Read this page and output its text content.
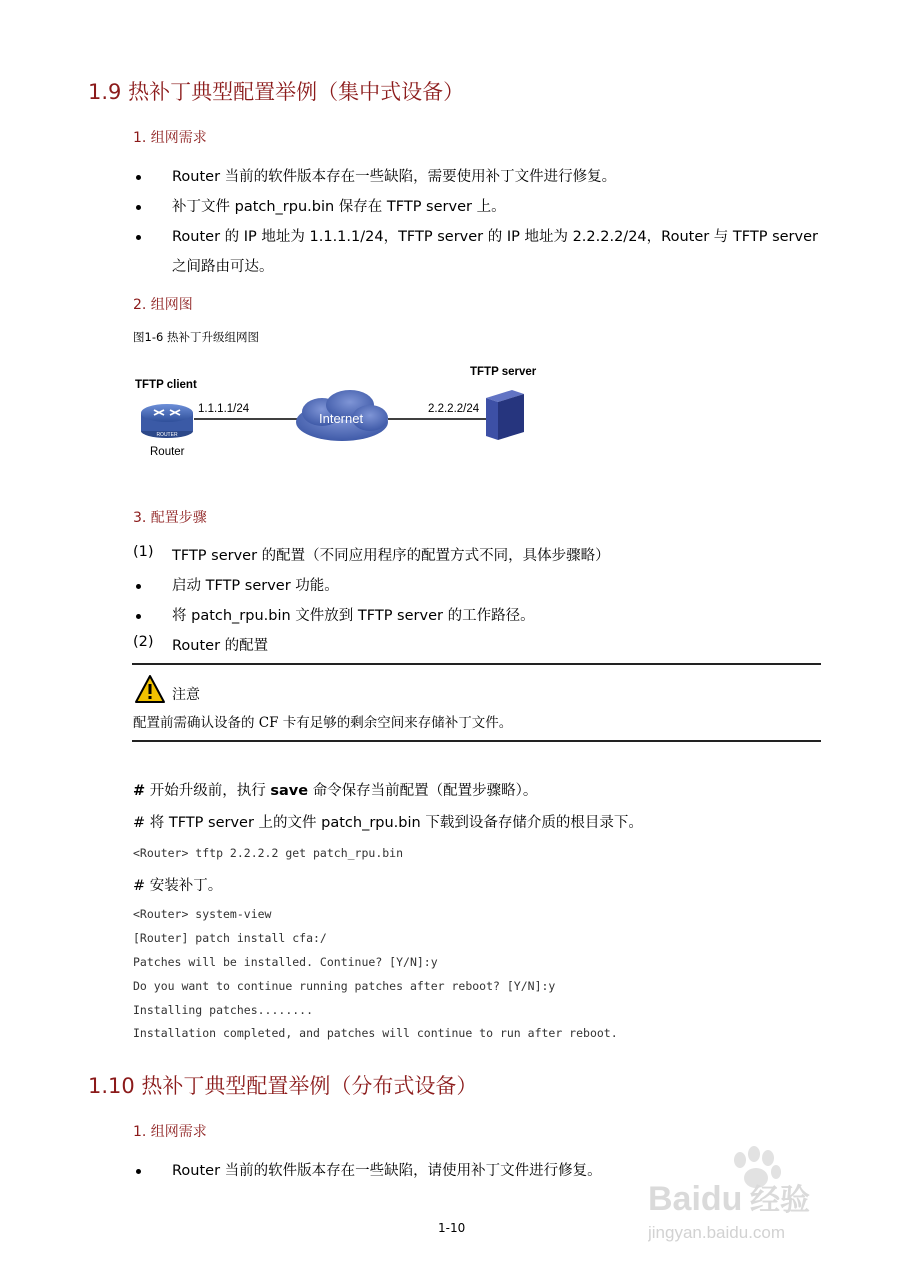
1.9 热补丁典型配置举例（集中式设备）
1. 组网需求
Router 当前的软件版本存在一些缺陷，需要使用补丁文件进行修复。
补丁文件 patch_rpu.bin 保存在 TFTP server 上。
Router 的 IP 地址为 1.1.1.1/24，TFTP server 的 IP 地址为 2.2.2.2/24，Router 与 TFTP server
之间路由可达。
2. 组网图
图1-6 热补丁升级组网图
ROUTER
TFTP client
1.1.1.1/24
Router
Internet
TFTP server
2.2.2.2/24
3. 配置步骤
(1) TFTP server 的配置（不同应用程序的配置方式不同，具体步骤略）
启动 TFTP server 功能。
将 patch_rpu.bin 文件放到 TFTP server 的工作路径。
(2) Router 的配置
注意
配置前需确认设备的 CF 卡有足够的剩余空间来存储补丁文件。
# 开始升级前，执行 save 命令保存当前配置（配置步骤略）。
# 将 TFTP server 上的文件 patch_rpu.bin 下载到设备存储介质的根目录下。
<Router> tftp 2.2.2.2 get patch_rpu.bin
# 安装补丁。
<Router> system-view
[Router] patch install cfa:/
Patches will be installed. Continue? [Y/N]:y
Do you want to continue running patches after reboot? [Y/N]:y
Installing patches........
Installation completed, and patches will continue to run after reboot.
1.10 热补丁典型配置举例（分布式设备）
1. 组网需求
Router 当前的软件版本存在一些缺陷，请使用补丁文件进行修复。
1-10
Baidu 经验
jingyan.baidu.com
